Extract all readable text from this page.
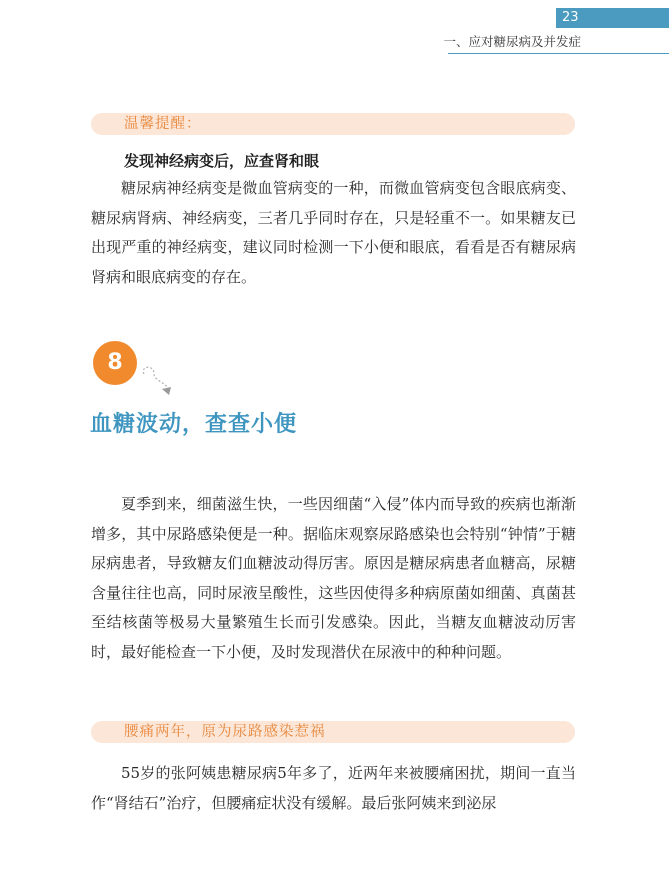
23
一、应对糖尿病及并发症
温馨提醒：
发现神经病变后，应查肾和眼

糖尿病神经病变是微血管病变的一种，而微血管病变包含眼底病变、糖尿病肾病、神经病变，三者几乎同时存在，只是轻重不一。如果糖友已出现严重的神经病变，建议同时检测一下小便和眼底，看看是否有糖尿病肾病和眼底病变的存在。

8
血糖波动，查查小便

夏季到来，细菌滋生快，一些因细菌“入侵”体内而导致的疾病也渐渐增多，其中尿路感染便是一种。据临床观察尿路感染也会特别“钟情”于糖尿病患者，导致糖友们血糖波动得厉害。原因是糖尿病患者血糖高，尿糖含量往往也高，同时尿液呈酸性，这些因使得多种病原菌如细菌、真菌甚至结核菌等极易大量繁殖生长而引发感染。因此，当糖友血糖波动厉害时，最好能检查一下小便，及时发现潜伏在尿液中的种种问题。

腰痛两年，原为尿路感染惹祸

55岁的张阿姨患糖尿病5年多了，近两年来被腰痛困扰，期间一直当作“肾结石”治疗，但腰痛症状没有缓解。最后张阿姨来到泌尿
